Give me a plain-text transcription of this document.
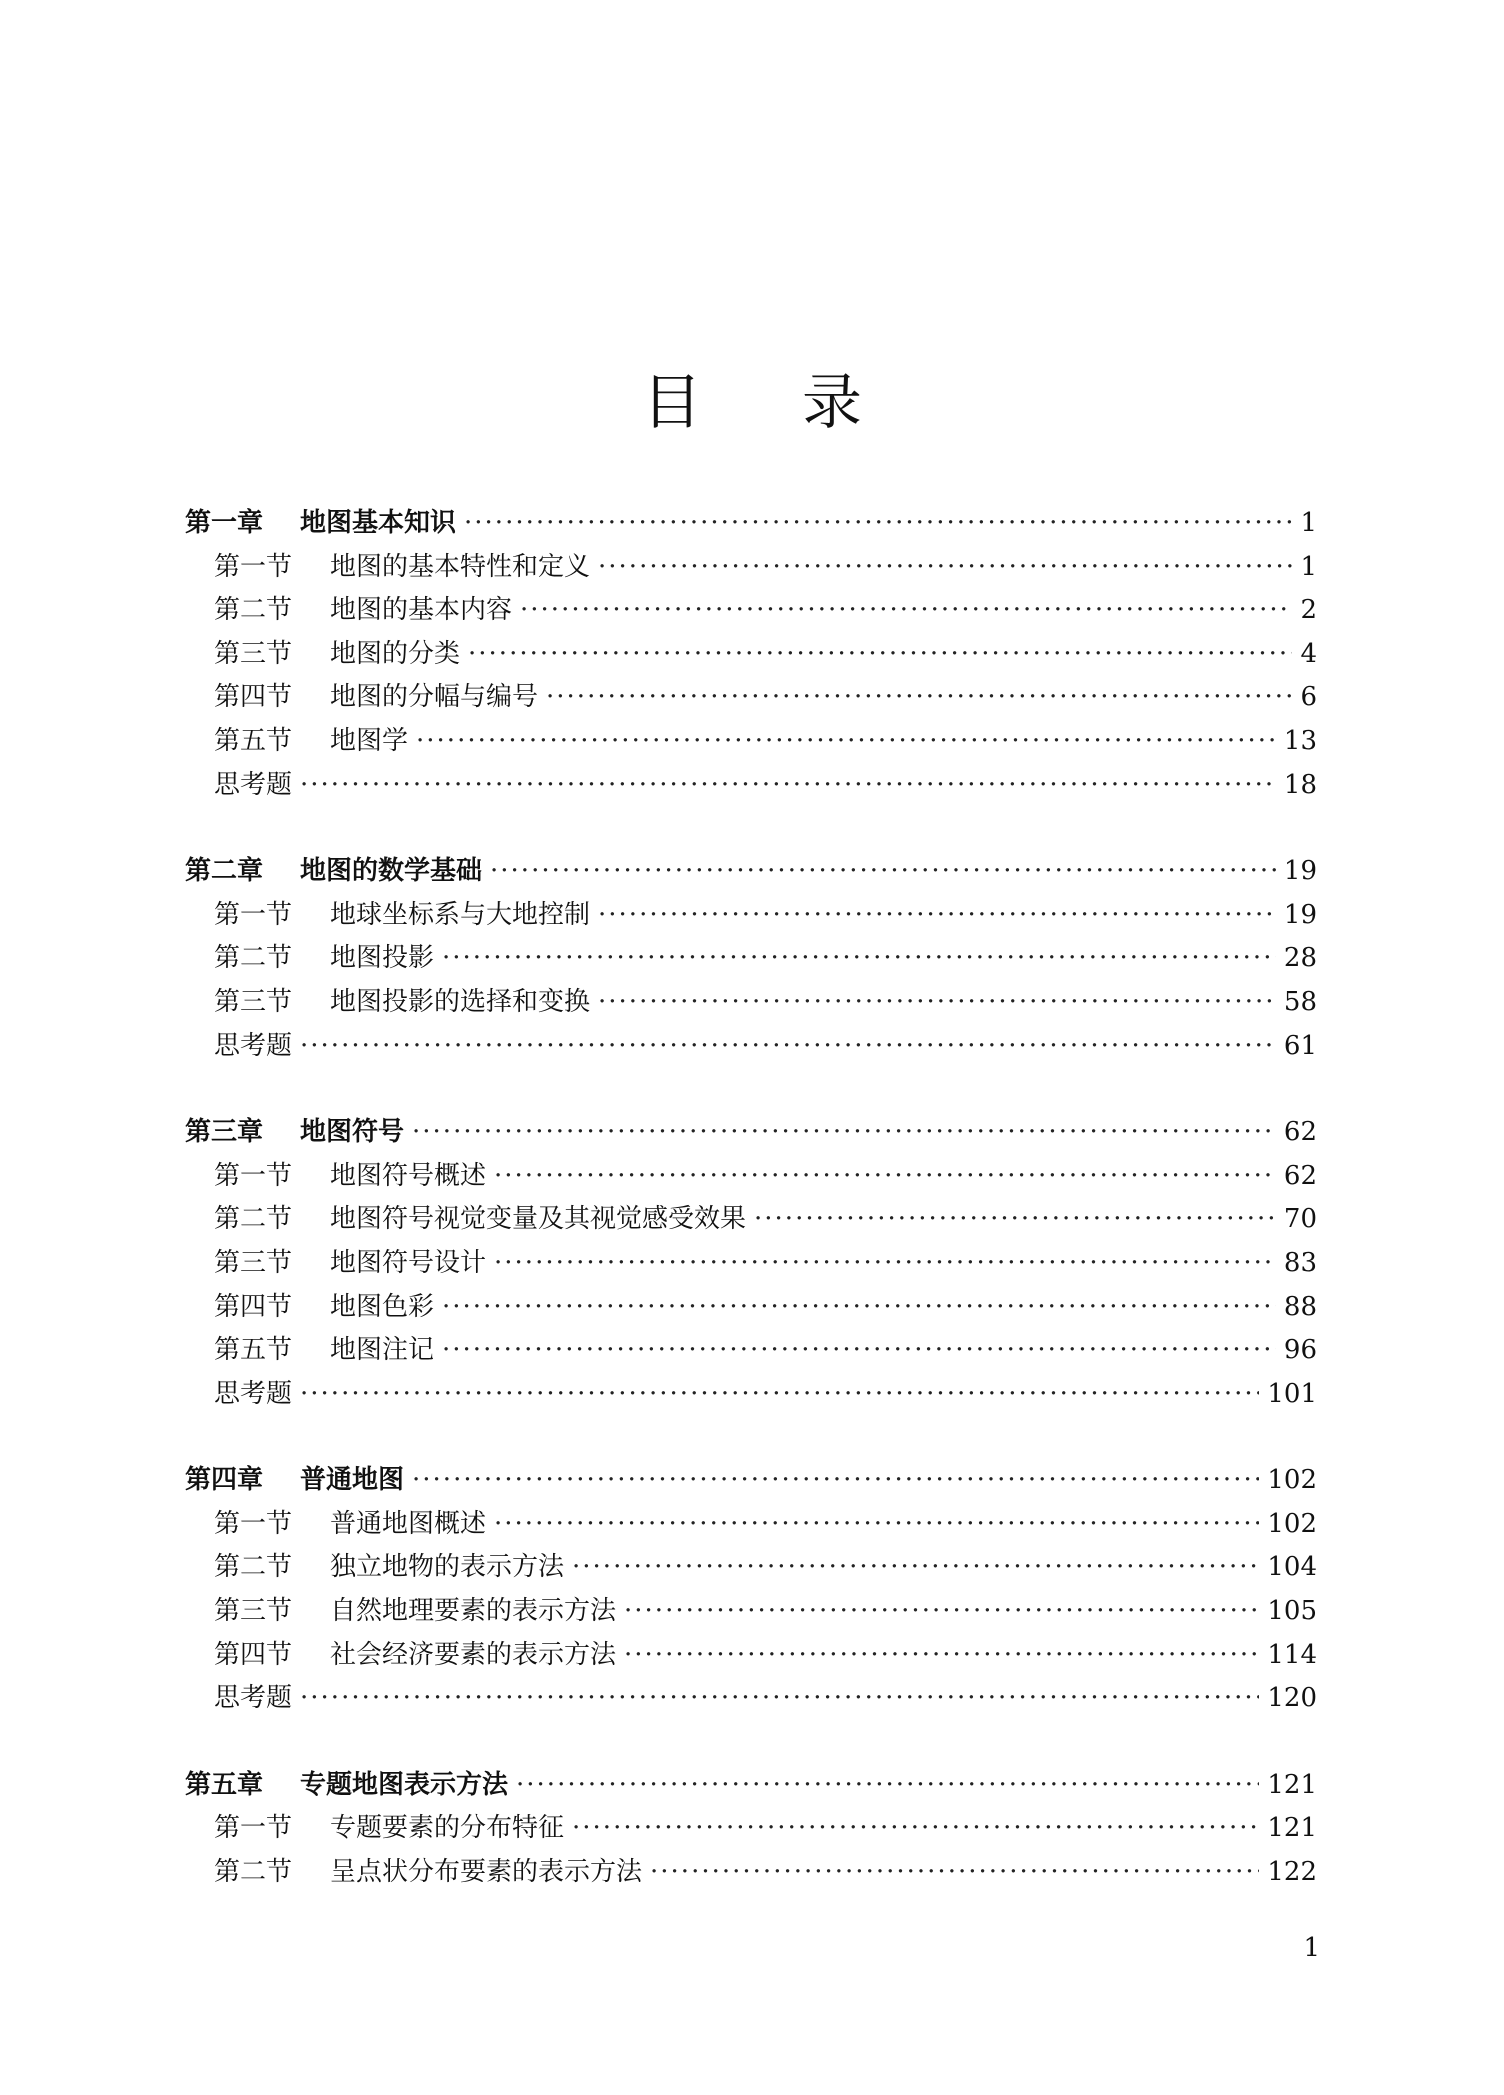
目录
第一章	地图基本知识 ·····	1
第一节	地图的基本特性和定义 ·····	1
第二节	地图的基本内容 ·····	2
第三节	地图的分类 ·····	4
第四节	地图的分幅与编号 ·····	6
第五节	地图学 ·····	13
思考题 ·····	18
第二章	地图的数学基础 ·····	19
第一节	地球坐标系与大地控制 ·····	19
第二节	地图投影 ·····	28
第三节	地图投影的选择和变换 ·····	58
思考题 ·····	61
第三章	地图符号 ·····	62
第一节	地图符号概述 ·····	62
第二节	地图符号视觉变量及其视觉感受效果 ·····	70
第三节	地图符号设计 ·····	83
第四节	地图色彩 ·····	88
第五节	地图注记 ·····	96
思考题 ·····	101
第四章	普通地图 ·····	102
第一节	普通地图概述 ·····	102
第二节	独立地物的表示方法 ·····	104
第三节	自然地理要素的表示方法 ·····	105
第四节	社会经济要素的表示方法 ·····	114
思考题 ·····	120
第五章	专题地图表示方法 ·····	121
第一节	专题要素的分布特征 ·····	121
第二节	呈点状分布要素的表示方法 ·····	122
1
